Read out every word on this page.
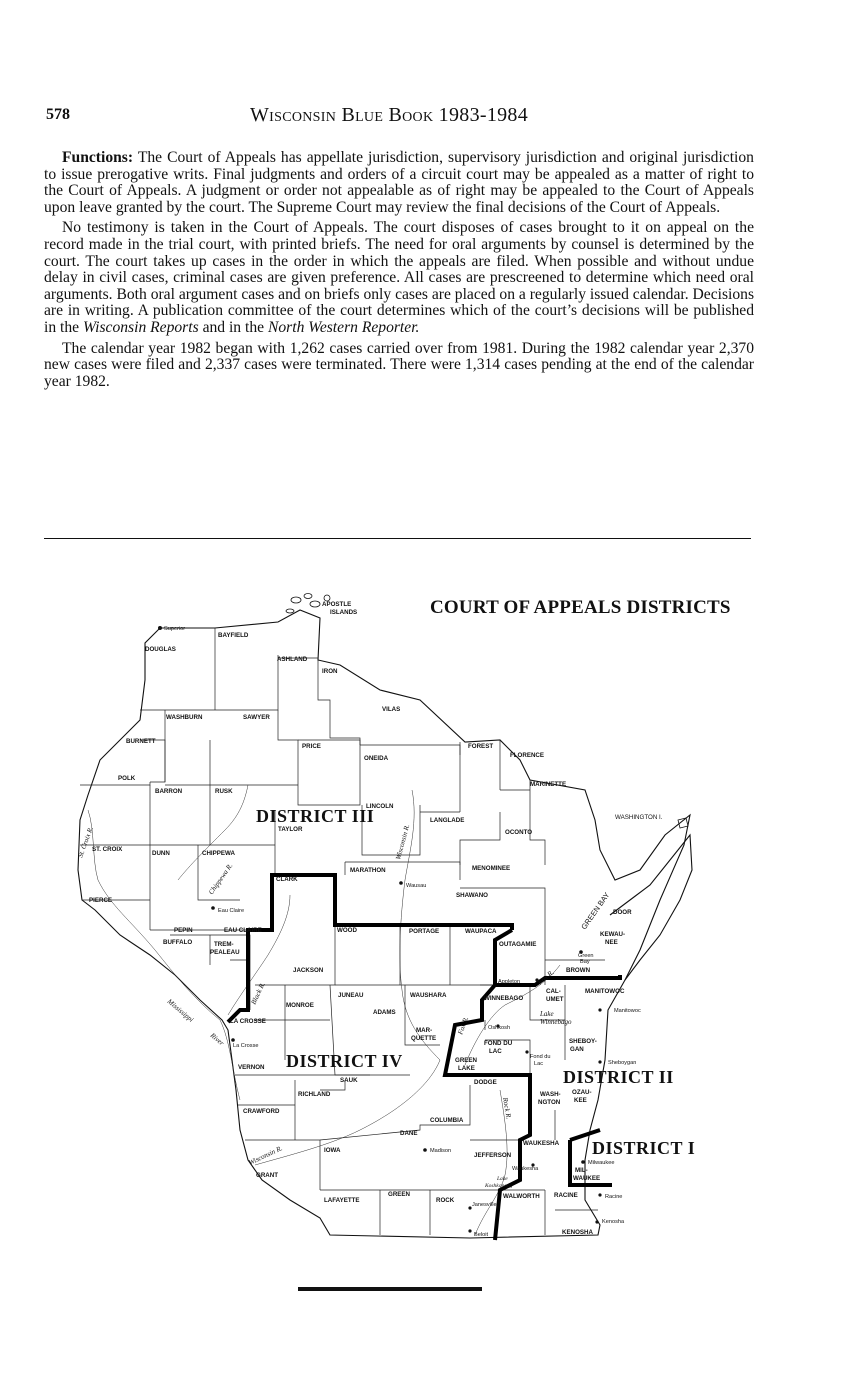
578	Wisconsin Blue Book 1983-1984

Functions: The Court of Appeals has appellate jurisdiction, supervisory jurisdiction and original jurisdiction to issue prerogative writs. Final judgments and orders of a circuit court may be appealed as a matter of right to the Court of Appeals. A judgment or order not appealable as of right may be appealed to the Court of Appeals upon leave granted by the court. The Supreme Court may review the final decisions of the Court of Appeals.

No testimony is taken in the Court of Appeals. The court disposes of cases brought to it on appeal on the record made in the trial court, with printed briefs. The need for oral arguments by counsel is determined by the court. The court takes up cases in the order in which the appeals are filed. When possible and without undue delay in civil cases, criminal cases are given preference. All cases are prescreened to determine which need oral arguments. Both oral argument cases and on briefs only cases are placed on a regularly issued calendar. Decisions are in writing. A publication committee of the court determines which of the court’s decisions will be published in the Wisconsin Reports and in the North Western Reporter.

The calendar year 1982 began with 1,262 cases carried over from 1981. During the 1982 calendar year 2,370 new cases were filed and 2,337 cases were terminated. There were 1,314 cases pending at the end of the calendar year 1982.

COURT OF APPEALS DISTRICTS
DISTRICT III
DISTRICT IV
DISTRICT II
DISTRICT I
APOSTLE
ISLANDS
WASHINGTON I.
DOUGLAS
BAYFIELD
ASHLAND
IRON
VILAS
WASHBURN	SAWYER
BURNETT
PRICE
ONEIDA
FOREST
FLORENCE
MARINETTE
POLK
BARRON	RUSK
LINCOLN
LANGLADE
TAYLOR	OCONTO
ST. CROIX
DUNN	CHIPPEWA
MENOMINEE
CLARK
MARATHON
SHAWANO
DOOR
PIERCE
PEPIN	EAU CLAIRE
BUFFALO	TREM-
PEALEAU
WOOD	PORTAGE	WAUPACA
OUTAGAMIE
KEWAU-
NEE
BROWN
JACKSON
JUNEAU	WAUSHARA	WINNEBAGO
CAL-
UMET
MANITOWOC
LA CROSSE
MONROE
ADAMS
MAR-
QUETTE
GREEN
LAKE
FOND DU
LAC
SHEBOY-
GAN
VERNON
SAUK
RICHLAND
DODGE
WASH-
NGTON
OZAU-
KEE
CRAWFORD
COLUMBIA
DANE
WAUKESHA
MIL-
WAUKEE
GRANT
IOWA
JEFFERSON
LAFAYETTE
GREEN
ROCK
WALWORTH RACINE
KENOSHA
Superior
Wausau
Eau Claire
Green
Bay
Appleton
Oshkosh
Manitowoc
La Crosse
Fond du
Lac	Sheboygan
Madison
Waukesha
Milwaukee
Racine
Kenosha
Janesville
Beloit
St. Croix R.
Chippewa R.
Black R.
Mississippi
River
Wisconsin R.
Wisconsin R.
Fox R.
Fox R.
Rock R.
GREEN BAY
Lake
Winnebago
Lake
Koshkonong
